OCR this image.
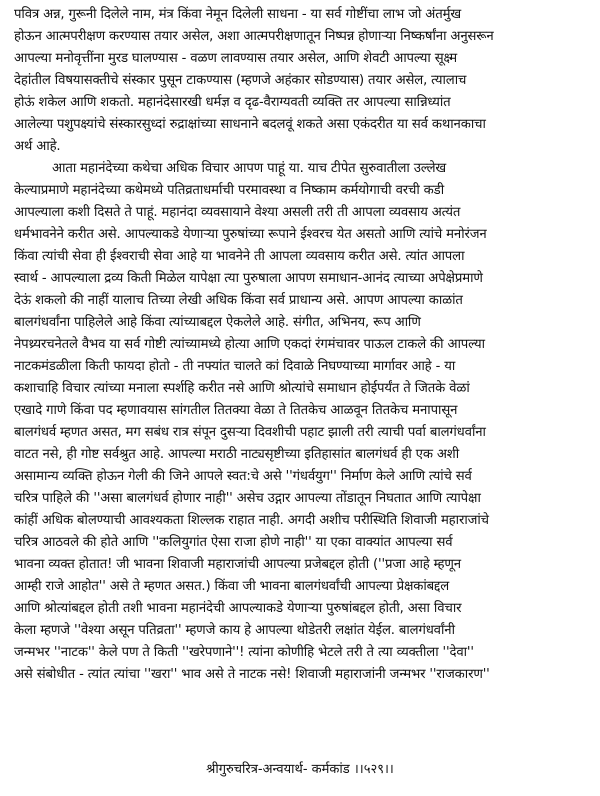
पवित्र अन्न, गुरूनी दिलेले नाम, मंत्र किंवा नेमून दिलेली साधना - या सर्व गोष्टींचा लाभ जो अंतर्मुख
होऊन आत्मपरीक्षण करण्यास तयार असेल, अशा आत्मपरीक्षणातून निष्पन्न होणाऱ्या निष्कर्षांना अनुसरून
आपल्या मनोवृत्तींना मुरड घालण्यास - वळण लावण्यास तयार असेल, आणि शेवटी आपल्या सूक्ष्म
देहांतील विषयासक्तीचे संस्कार पुसून टाकण्यास (म्हणजे अहंकार सोडण्यास) तयार असेल, त्यालाच
होऊं शकेल आणि शकतो. महानंदेसारखी धर्मज्ञ व दृढ-वैराग्यवती व्यक्ति तर आपल्या सान्निध्यांत
आलेल्या पशुपक्ष्यांचे संस्कारसुध्दां रुद्राक्षांच्या साधनाने बदलवूं शकते असा एकंदरीत या सर्व कथानकाचा
अर्थ आहे.
आता महानंदेच्या कथेचा अधिक विचार आपण पाहूं या. याच टीपेत सुरुवातीला उल्लेख
केल्याप्रमाणे महानंदेच्या कथेमध्ये पतिव्रताधर्माची परमावस्था व निष्काम कर्मयोगाची वरची कडी
आपल्याला कशी दिसते ते पाहूं. महानंदा व्यवसायाने वेश्या असली तरी ती आपला व्यवसाय अत्यंत
धर्मभावनेने करीत असे. आपल्याकडे येणाऱ्या पुरुषांच्या रूपाने ईश्वरच येत असतो आणि त्यांचे मनोरंजन
किंवा त्यांची सेवा ही ईश्वराची सेवा आहे या भावनेने ती आपला व्यवसाय करीत असे. त्यांत आपला
स्वार्थ - आपल्याला द्रव्य किती मिळेल यापेक्षा त्या पुरुषाला आपण समाधान-आनंद त्याच्या अपेक्षेप्रमाणे
देऊं शकलो की नाहीं यालाच तिच्या लेखी अधिक किंवा सर्व प्राधान्य असे. आपण आपल्या काळांत
बालगंधर्वांना पाहिलेले आहे किंवा त्यांच्याबद्दल ऐकलेले आहे. संगीत, अभिनय, रूप आणि
नेपथ्र्यरचनेतले वैभव या सर्व गोष्टी त्यांच्यामध्ये होत्या आणि एकदां रंगमंचावर पाऊल टाकले की आपल्या
नाटकमंडळीला किती फायदा होतो - ती नफ्यांत चालते कां दिवाळे निघण्याच्या मार्गावर आहे - या
कशाचाहि विचार त्यांच्या मनाला स्पर्शहि करीत नसे आणि श्रोत्यांचे समाधान होईपर्यंत ते जितके वेळां
एखादे गाणे किंवा पद म्हणावयास सांगतील तितक्या वेळा ते तितकेच आळवून तितकेच मनापासून
बालगंधर्व म्हणत असत, मग सबंध रात्र संपून दुसऱ्या दिवशीची पहाट झाली तरी त्याची पर्वा बालगंधर्वांना
वाटत नसे, ही गोष्ट सर्वश्रुत आहे. आपल्या मराठी नाट्यसृष्टीच्या इतिहासांत बालगंधर्व ही एक अशी
असामान्य व्यक्ति होऊन गेली की जिने आपले स्वत:चे असे ''गंधर्वयुग'' निर्माण केले आणि त्यांचे सर्व
चरित्र पाहिले की ''असा बालगंधर्व होणार नाही'' असेच उद्गार आपल्या तोंडातून निघतात आणि त्यापेक्षा
कांहीं अधिक बोलण्याची आवश्यकता शिल्लक राहात नाही. अगदी अशीच परीस्थिति शिवाजी महाराजांचे
चरित्र आठवले की होते आणि ''कलियुगांत ऐसा राजा होणे नाही'' या एका वाक्यांत आपल्या सर्व
भावना व्यक्त होतात! जी भावना शिवाजी महाराजांची आपल्या प्रजेबद्दल होती (''प्रजा आहे म्हणून
आम्ही राजे आहोत'' असे ते म्हणत असत.) किंवा जी भावना बालगंधर्वांची आपल्या प्रेक्षकांबद्दल
आणि श्रोत्यांबद्दल होती तशी भावना महानंदेची आपल्याकडे येणाऱ्या पुरुषांबद्दल होती, असा विचार
केला म्हणजे ''वेश्या असून पतिव्रता'' म्हणजे काय हे आपल्या थोडेतरी लक्षांत येईल. बालगंधर्वांनी
जन्मभर ''नाटक'' केले पण ते किती ''खरेपणाने''! त्यांना कोणीहि भेटले तरी ते त्या व्यक्तीला ''देवा''
असे संबोधीत - त्यांत त्यांचा ''खरा'' भाव असे ते नाटक नसे! शिवाजी महाराजांनी जन्मभर ''राजकारण''
श्रीगुरुचरित्र-अन्वयार्थ- कर्मकांड ।।५२९।।
